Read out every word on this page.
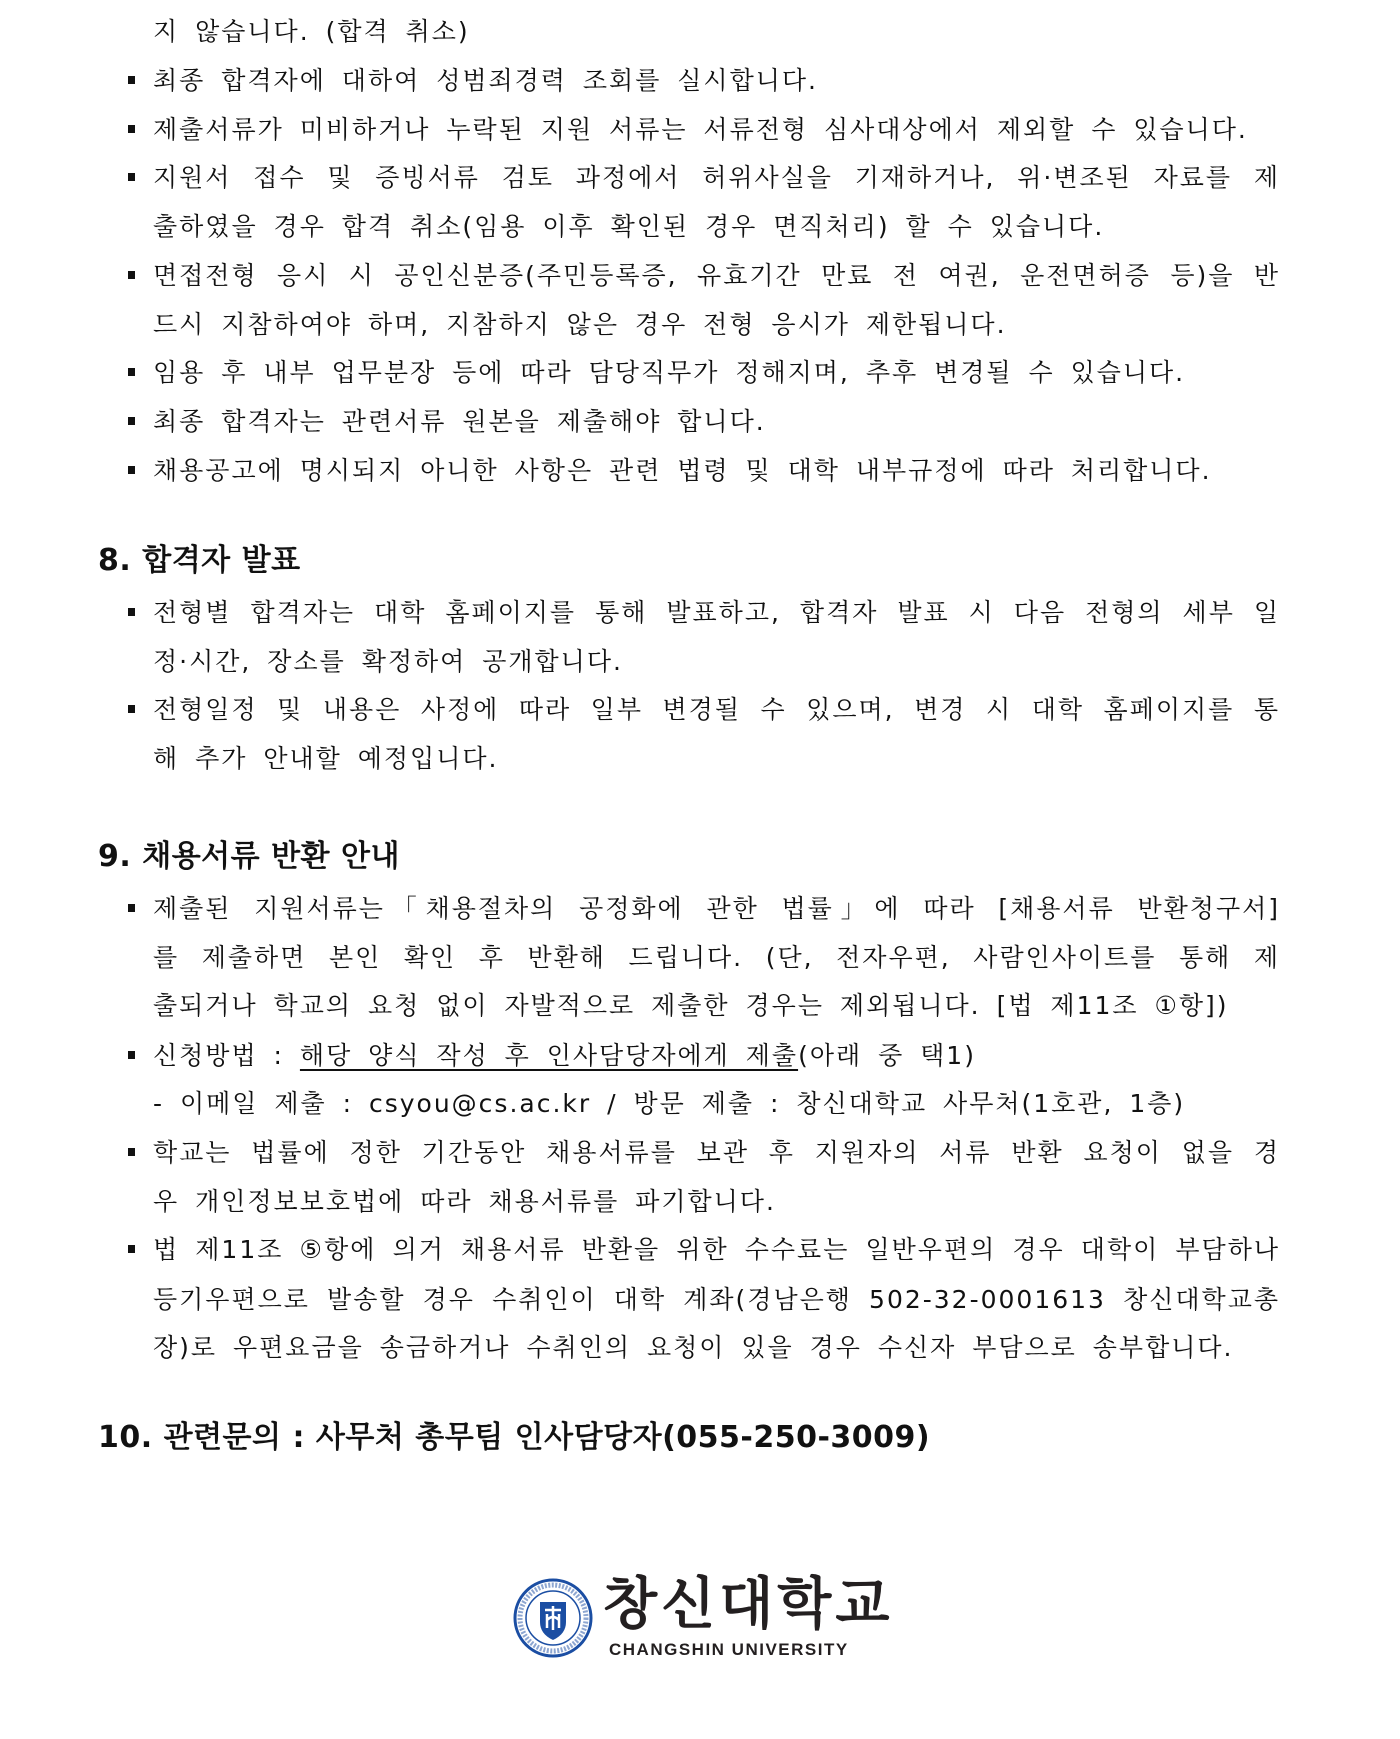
지 않습니다. (합격 취소)
최종 합격자에 대하여 성범죄경력 조회를 실시합니다.
제출서류가 미비하거나 누락된 지원 서류는 서류전형 심사대상에서 제외할 수 있습니다.
지원서 접수 및 증빙서류 검토 과정에서 허위사실을 기재하거나, 위·변조된 자료를 제
출하였을 경우 합격 취소(임용 이후 확인된 경우 면직처리) 할 수 있습니다.
면접전형 응시 시 공인신분증(주민등록증, 유효기간 만료 전 여권, 운전면허증 등)을 반
드시 지참하여야 하며, 지참하지 않은 경우 전형 응시가 제한됩니다.
임용 후 내부 업무분장 등에 따라 담당직무가 정해지며, 추후 변경될 수 있습니다.
최종 합격자는 관련서류 원본을 제출해야 합니다.
채용공고에 명시되지 아니한 사항은 관련 법령 및 대학 내부규정에 따라 처리합니다.
8. 합격자 발표
전형별 합격자는 대학 홈페이지를 통해 발표하고, 합격자 발표 시 다음 전형의 세부 일
정·시간, 장소를 확정하여 공개합니다.
전형일정 및 내용은 사정에 따라 일부 변경될 수 있으며, 변경 시 대학 홈페이지를 통
해 추가 안내할 예정입니다.
9. 채용서류 반환 안내
제출된 지원서류는「채용절차의 공정화에 관한 법률」에 따라 [채용서류 반환청구서]
를 제출하면 본인 확인 후 반환해 드립니다. (단, 전자우편, 사람인사이트를 통해 제
출되거나 학교의 요청 없이 자발적으로 제출한 경우는 제외됩니다. [법 제11조 ①항])
신청방법 : 해당 양식 작성 후 인사담당자에게 제출(아래 중 택1)
- 이메일 제출 : csyou@cs.ac.kr / 방문 제출 : 창신대학교 사무처(1호관, 1층)
학교는 법률에 정한 기간동안 채용서류를 보관 후 지원자의 서류 반환 요청이 없을 경
우 개인정보보호법에 따라 채용서류를 파기합니다.
법 제11조 ⑤항에 의거 채용서류 반환을 위한 수수료는 일반우편의 경우 대학이 부담하나
등기우편으로 발송할 경우 수취인이 대학 계좌(경남은행 502-32-0001613 창신대학교총
장)로 우편요금을 송금하거나 수취인의 요청이 있을 경우 수신자 부담으로 송부합니다.
10. 관련문의 : 사무처 총무팀 인사담당자(055-250-3009)
창신대학교
CHANGSHIN UNIVERSITY
